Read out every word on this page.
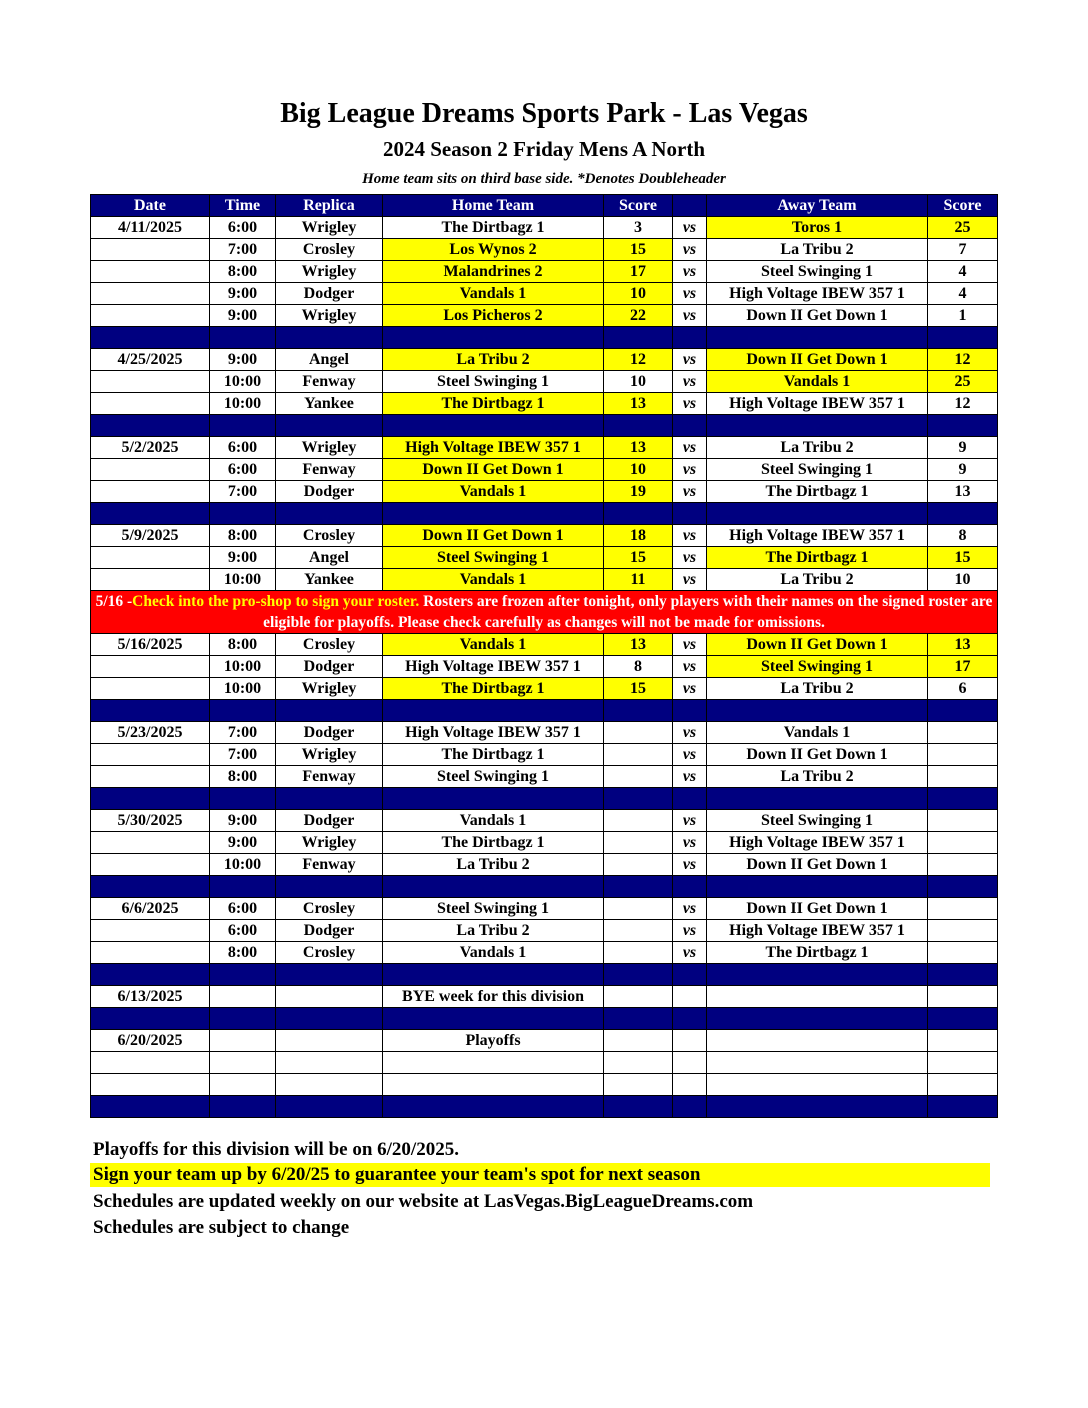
Big League Dreams Sports Park - Las Vegas
2024 Season 2 Friday Mens A North
Home team sits on third base side. *Denotes Doubleheader
Date	Time	Replica	Home Team	Score		Away Team	Score
4/11/2025	6:00	Wrigley	The Dirtbagz 1	3	vs	Toros 1	25
	7:00	Crosley	Los Wynos 2	15	vs	La Tribu 2	7
	8:00	Wrigley	Malandrines 2	17	vs	Steel Swinging 1	4
	9:00	Dodger	Vandals 1	10	vs	High Voltage IBEW 357 1	4
	9:00	Wrigley	Los Picheros 2	22	vs	Down II Get Down 1	1

4/25/2025	9:00	Angel	La Tribu 2	12	vs	Down II Get Down 1	12
	10:00	Fenway	Steel Swinging 1	10	vs	Vandals 1	25
	10:00	Yankee	The Dirtbagz 1	13	vs	High Voltage IBEW 357 1	12

5/2/2025	6:00	Wrigley	High Voltage IBEW 357 1	13	vs	La Tribu 2	9
	6:00	Fenway	Down II Get Down 1	10	vs	Steel Swinging 1	9
	7:00	Dodger	Vandals 1	19	vs	The Dirtbagz 1	13

5/9/2025	8:00	Crosley	Down II Get Down 1	18	vs	High Voltage IBEW 357 1	8
	9:00	Angel	Steel Swinging 1	15	vs	The Dirtbagz 1	15
	10:00	Yankee	Vandals 1	11	vs	La Tribu 2	10
5/16 -Check into the pro-shop to sign your roster. Rosters are frozen after tonight, only players with their names on the signed roster are eligible for playoffs. Please check carefully as changes will not be made for omissions.							
5/16/2025	8:00	Crosley	Vandals 1	13	vs	Down II Get Down 1	13
	10:00	Dodger	High Voltage IBEW 357 1	8	vs	Steel Swinging 1	17
	10:00	Wrigley	The Dirtbagz 1	15	vs	La Tribu 2	6

5/23/2025	7:00	Dodger	High Voltage IBEW 357 1		vs	Vandals 1	
	7:00	Wrigley	The Dirtbagz 1		vs	Down II Get Down 1	
	8:00	Fenway	Steel Swinging 1		vs	La Tribu 2	

5/30/2025	9:00	Dodger	Vandals 1		vs	Steel Swinging 1	
	9:00	Wrigley	The Dirtbagz 1		vs	High Voltage IBEW 357 1	
	10:00	Fenway	La Tribu 2		vs	Down II Get Down 1	

6/6/2025	6:00	Crosley	Steel Swinging 1		vs	Down II Get Down 1	
	6:00	Dodger	La Tribu 2		vs	High Voltage IBEW 357 1	
	8:00	Crosley	Vandals 1		vs	The Dirtbagz 1	

6/13/2025			BYE week for this division				

6/20/2025			Playoffs				

Playoffs for this division will be on 6/20/2025.
Sign your team up by 6/20/25 to guarantee your team's spot for next season
Schedules are updated weekly on our website at LasVegas.BigLeagueDreams.com
Schedules are subject to change
